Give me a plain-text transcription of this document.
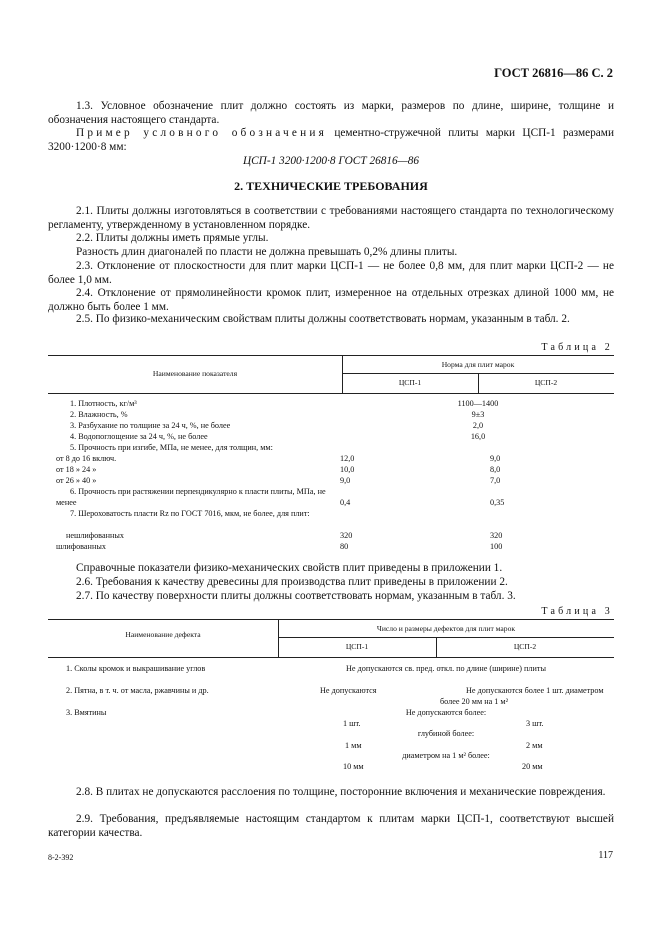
ГОСТ 26816—86 С. 2
1.3. Условное обозначение плит должно состоять из марки, размеров по длине, ширине, толщине и обозначения настоящего стандарта.
Пример условного обозначения цементно-стружечной плиты марки ЦСП-1 размерами 3200·1200·8 мм:
ЦСП-1 3200·1200·8 ГОСТ 26816—86
2. ТЕХНИЧЕСКИЕ ТРЕБОВАНИЯ
2.1. Плиты должны изготовляться в соответствии с требованиями настоящего стандарта по технологическому регламенту, утвержденному в установленном порядке.
2.2. Плиты должны иметь прямые углы.
Разность длин диагоналей по пласти не должна превышать 0,2% длины плиты.
2.3. Отклонение от плоскостности для плит марки ЦСП-1 — не более 0,8 мм, для плит марки ЦСП-2 — не более 1,0 мм.
2.4. Отклонение от прямолинейности кромок плит, измеренное на отдельных отрезках длиной 1000 мм, не должно быть более 1 мм.
2.5. По физико-механическим свойствам плиты должны соответствовать нормам, указанным в табл. 2.
Таблица 2
Наименование показателя
Норма для плит марок
ЦСП-1	ЦСП-2
1. Плотность, кг/м³	1100—1400
2. Влажность, %	9±3
3. Разбухание по толщине за 24 ч, %, не более	2,0
4. Водопоглощение за 24 ч, %, не более	16,0
5. Прочность при изгибе, МПа, не менее, для толщин, мм:
от 8 до 16 включ.	12,0	9,0
от 18 » 24 »	10,0	8,0
от 26 » 40 »	9,0	7,0
6. Прочность при растяжении перпендикулярно к пласти плиты, МПа, не менее	0,4	0,35
7. Шероховатость пласти Rz по ГОСТ 7016, мкм, не более, для плит:
нешлифованных	320	320
шлифованных	80	100
Справочные показатели физико-механических свойств плит приведены в приложении 1.
2.6. Требования к качеству древесины для производства плит приведены в приложении 2.
2.7. По качеству поверхности плиты должны соответствовать нормам, указанным в табл. 3.
Таблица 3
Наименование дефекта
Число и размеры дефектов для плит марок
ЦСП-1	ЦСП-2
1. Сколы кромок и выкрашивание углов	Не допускаются св. пред. откл. по длине (ширине) плиты
2. Пятна, в т. ч. от масла, ржавчины и др.	Не допускаются	Не допускаются более 1 шт. диаметром более 20 мм на 1 м²
3. Вмятины	Не допускаются более:
1 шт.	3 шт.
глубиной более:
1 мм	2 мм
диаметром на 1 м² более:
10 мм	20 мм
2.8. В плитах не допускаются расслоения по толщине, посторонние включения и механические повреждения.
2.9. Требования, предъявляемые настоящим стандартом к плитам марки ЦСП-1, соответствуют высшей категории качества.
8-2-392	117
